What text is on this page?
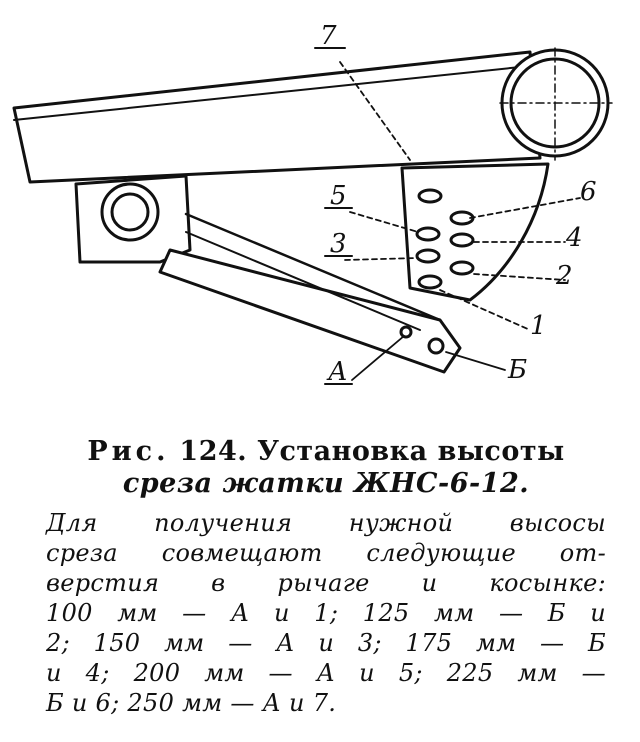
7
6
5
4
3
2
1
А	Б
Рис. 124. Установка высоты
среза жатки ЖНС-6-12.
Для получения нужной высосы
среза совмещают следующие от-
верстия в рычаге и косынке:
100 мм — А и 1; 125 мм — Б и
2; 150 мм — А и 3; 175 мм — Б
и 4; 200 мм — А и 5; 225 мм —
Б и 6; 250 мм — А и 7.
